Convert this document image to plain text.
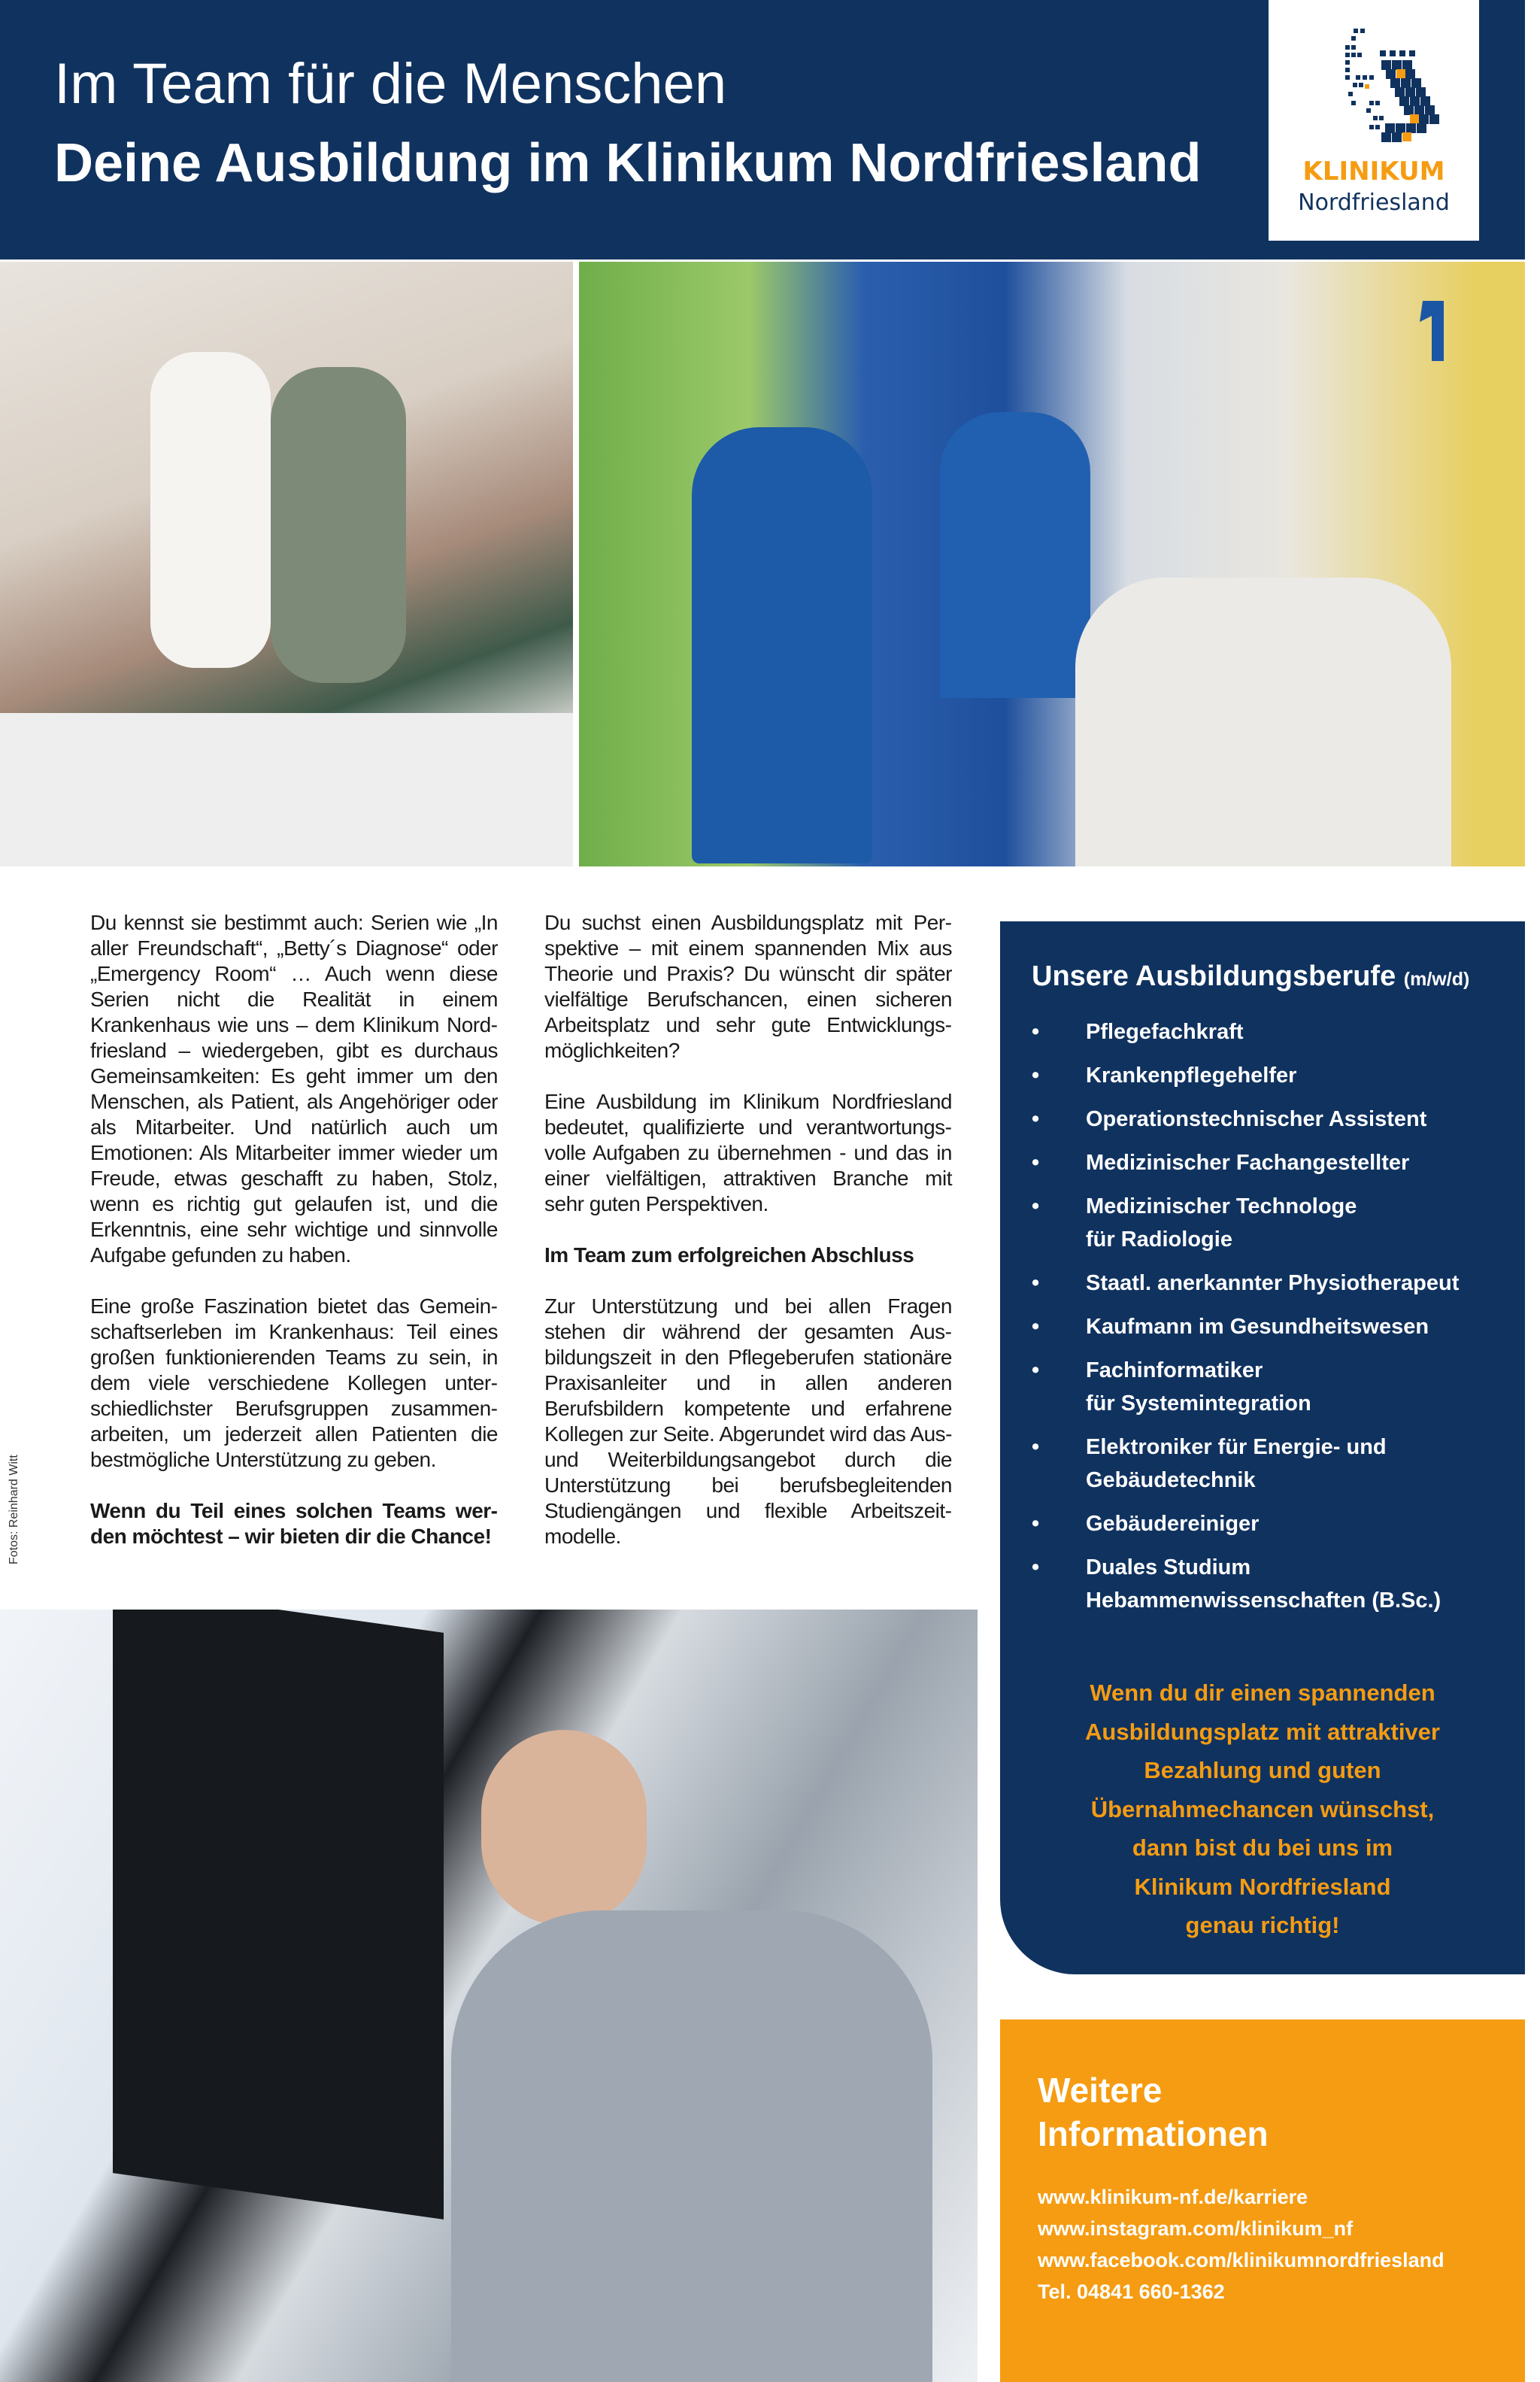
Im Team für die Menschen
Deine Ausbildung im Klinikum Nordfriesland	KLINIKUM
Nordfriesland

Du kennst sie bestimmt auch: Serien wie „In aller Freundschaft“, „Betty´s Diagnose“ oder „Emergency Room“ … Auch wenn diese Serien nicht die Realität in einem Krankenhaus wie uns – dem Klinikum Nordfriesland – wiedergeben, gibt es durchaus Gemeinsamkeiten: Es geht immer um den Menschen, als Patient, als Angehöriger oder als Mitarbeiter. Und natürlich auch um Emotionen: Als Mitarbeiter immer wieder um Freude, etwas geschafft zu haben, Stolz, wenn es richtig gut gelaufen ist, und die Erkenntnis, eine sehr wichtige und sinnvolle Aufgabe gefunden zu haben.

Eine große Faszination bietet das Gemeinschaftserleben im Krankenhaus: Teil eines großen funktionierenden Teams zu sein, in dem viele verschiedene Kollegen unterschiedlichster Berufsgruppen zusammenarbeiten, um jederzeit allen Patienten die bestmögliche Unterstützung zu geben.

Wenn du Teil eines solchen Teams werden möchtest – wir bieten dir die Chance!

Du suchst einen Ausbildungsplatz mit Perspektive – mit einem spannenden Mix aus Theorie und Praxis? Du wünscht dir später vielfältige Berufschancen, einen sicheren Arbeitsplatz und sehr gute Entwicklungsmöglichkeiten?

Eine Ausbildung im Klinikum Nordfriesland bedeutet, qualifizierte und verantwortungsvolle Aufgaben zu übernehmen - und das in einer vielfältigen, attraktiven Branche mit sehr guten Perspektiven.

Im Team zum erfolgreichen Abschluss

Zur Unterstützung und bei allen Fragen stehen dir während der gesamten Ausbildungszeit in den Pflegeberufen stationäre Praxisanleiter und in allen anderen Berufsbildern kompetente und erfahrene Kollegen zur Seite. Abgerundet wird das Aus- und Weiterbildungsangebot durch die Unterstützung bei berufsbegleitenden Studiengängen und flexible Arbeitszeitmodelle.

Fotos: Reinhard Witt
Unsere Ausbildungsberufe (m/w/d)
• Pflegefachkraft
• Krankenpflegehelfer
• Operationstechnischer Assistent
• Medizinischer Fachangestellter
• Medizinischer Technologe
für Radiologie
• Staatl. anerkannter Physiotherapeut
• Kaufmann im Gesundheitswesen
• Fachinformatiker
für Systemintegration
• Elektroniker für Energie- und
Gebäudetechnik
• Gebäudereiniger
• Duales Studium
Hebammenwissenschaften (B.Sc.)
Wenn du dir einen spannenden
Ausbildungsplatz mit attraktiver
Bezahlung und guten
Übernahmechancen wünschst,
dann bist du bei uns im
Klinikum Nordfriesland
genau richtig!
Weitere
Informationen
www.klinikum-nf.de/karriere
www.instagram.com/klinikum_nf
www.facebook.com/klinikumnordfriesland
Tel. 04841 660-1362
